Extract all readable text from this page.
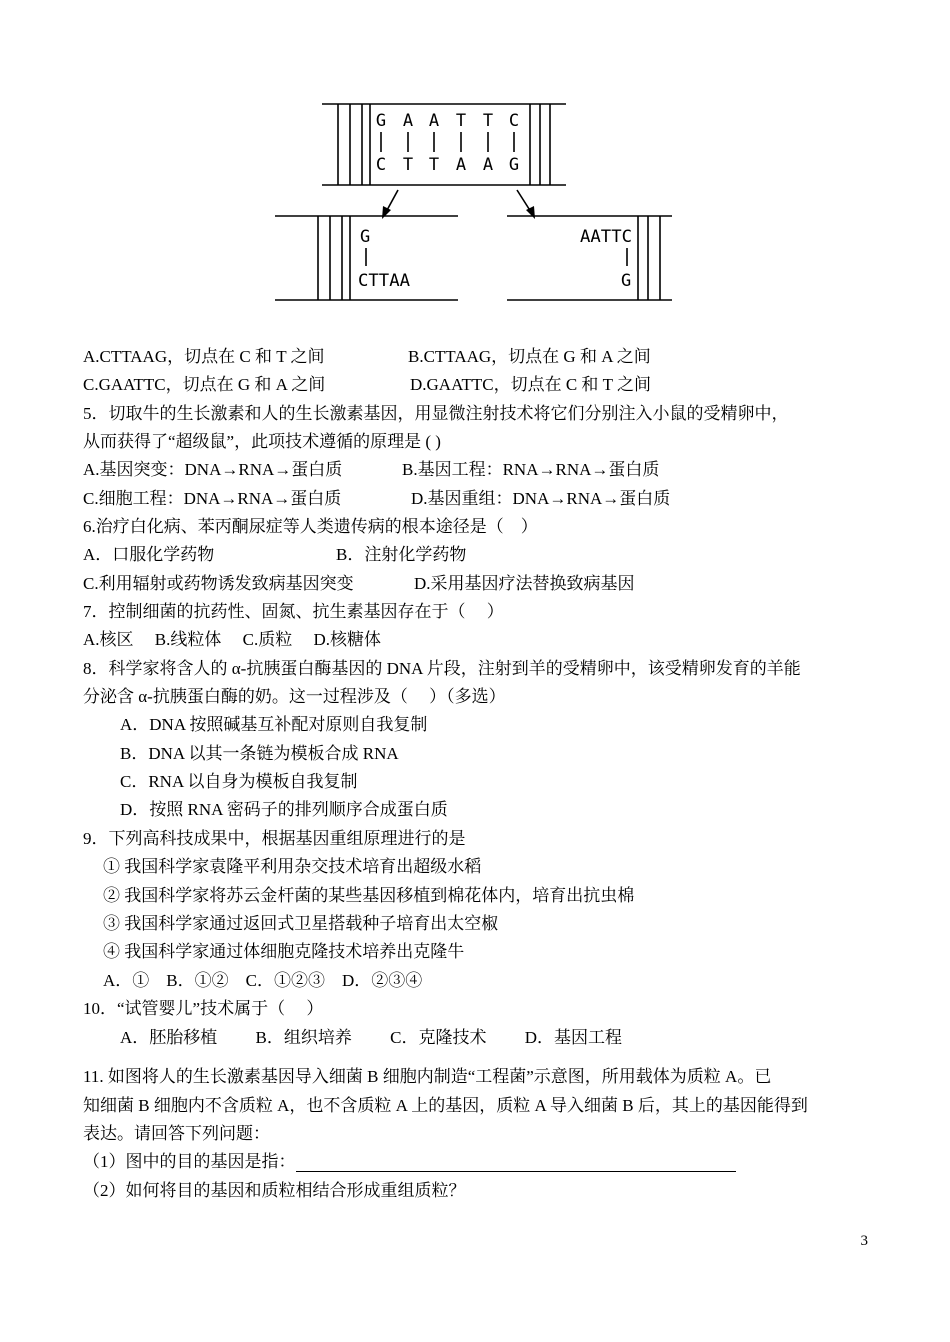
G A A T T C
C T T A A G
G
CTTAA
AATTC
G
A.CTTAAG，切点在 C 和 T 之间	B.CTTAAG，切点在 G 和 A 之间
C.GAATTC，切点在 G 和 A 之间	D.GAATTC，切点在 C 和 T 之间
5．切取牛的生长激素和人的生长激素基因，用显微注射技术将它们分别注入小鼠的受精卵中，
从而获得了“超级鼠”，此项技术遵循的原理是 ( )
A.基因突变：DNA→RNA→蛋白质	B.基因工程：RNA→RNA→蛋白质
C.细胞工程：DNA→RNA→蛋白质	D.基因重组：DNA→RNA→蛋白质
6.治疗白化病、苯丙酮尿症等人类遗传病的根本途径是（　）
A．口服化学药物	B．注射化学药物
C.利用辐射或药物诱发致病基因突变	D.采用基因疗法替换致病基因
7．控制细菌的抗药性、固氮、抗生素基因存在于（　 ）
A.核区　 B.线粒体　 C.质粒　 D.核糖体
8．科学家将含人的 α-抗胰蛋白酶基因的 DNA 片段，注射到羊的受精卵中，该受精卵发育的羊能
分泌含 α-抗胰蛋白酶的奶。这一过程涉及（　 ）（多选）
A．DNA 按照碱基互补配对原则自我复制
B．DNA 以其一条链为模板合成 RNA
C．RNA 以自身为模板自我复制
D．按照 RNA 密码子的排列顺序合成蛋白质
9．下列高科技成果中，根据基因重组原理进行的是
① 我国科学家袁隆平利用杂交技术培育出超级水稻
② 我国科学家将苏云金杆菌的某些基因移植到棉花体内，培育出抗虫棉
③ 我国科学家通过返回式卫星搭载种子培育出太空椒
④ 我国科学家通过体细胞克隆技术培养出克隆牛
A．①　B．①②　C．①②③　D．②③④
10．“试管婴儿”技术属于（　 ）
A．胚胎移植　　 B．组织培养　　 C．克隆技术　　 D．基因工程
11. 如图将人的生长激素基因导入细菌 B 细胞内制造“工程菌”示意图，所用载体为质粒 A。已
知细菌 B 细胞内不含质粒 A，也不含质粒 A 上的基因，质粒 A 导入细菌 B 后，其上的基因能得到
表达。请回答下列问题：
（1）图中的目的基因是指：
（2）如何将目的基因和质粒相结合形成重组质粒？
3
